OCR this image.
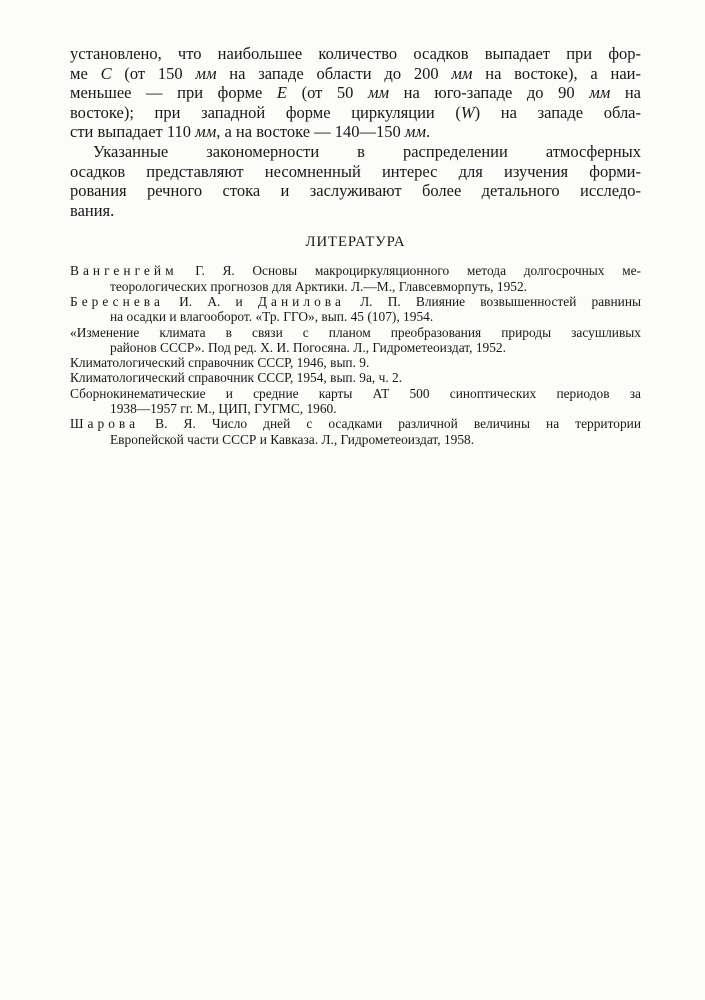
установлено, что наибольшее количество осадков выпадает при фор-
ме С (от 150 мм на западе области до 200 мм на востоке), а наи-
меньшее — при форме Е (от 50 мм на юго-западе до 90 мм на
востоке); при западной форме циркуляции (W) на западе обла-
сти выпадает 110 мм, а на востоке — 140—150 мм.
Указанные закономерности в распределении атмосферных
осадков представляют несомненный интерес для изучения форми-
рования речного стока и заслуживают более детального исследо-
вания.
ЛИТЕРАТУРА
Вангенгейм Г. Я. Основы макроциркуляционного метода долгосрочных ме-
теорологических прогнозов для Арктики. Л.—М., Главсевморпуть, 1952.
Береснева И. А. и Данилова Л. П. Влияние возвышенностей равнины
на осадки и влагооборот. «Тр. ГГО», вып. 45 (107), 1954.
«Изменение климата в связи с планом преобразования природы засушливых
районов СССР». Под ред. Х. И. Погосяна. Л., Гидрометеоиздат, 1952.
Климатологический справочник СССР, 1946, вып. 9.
Климатологический справочник СССР, 1954, вып. 9а, ч. 2.
Сборнокинематические и средние карты АТ 500 синоптических периодов за
1938—1957 гг. М., ЦИП, ГУГМС, 1960.
Шарова В. Я. Число дней с осадками различной величины на территории
Европейской части СССР и Кавказа. Л., Гидрометеоиздат, 1958.
